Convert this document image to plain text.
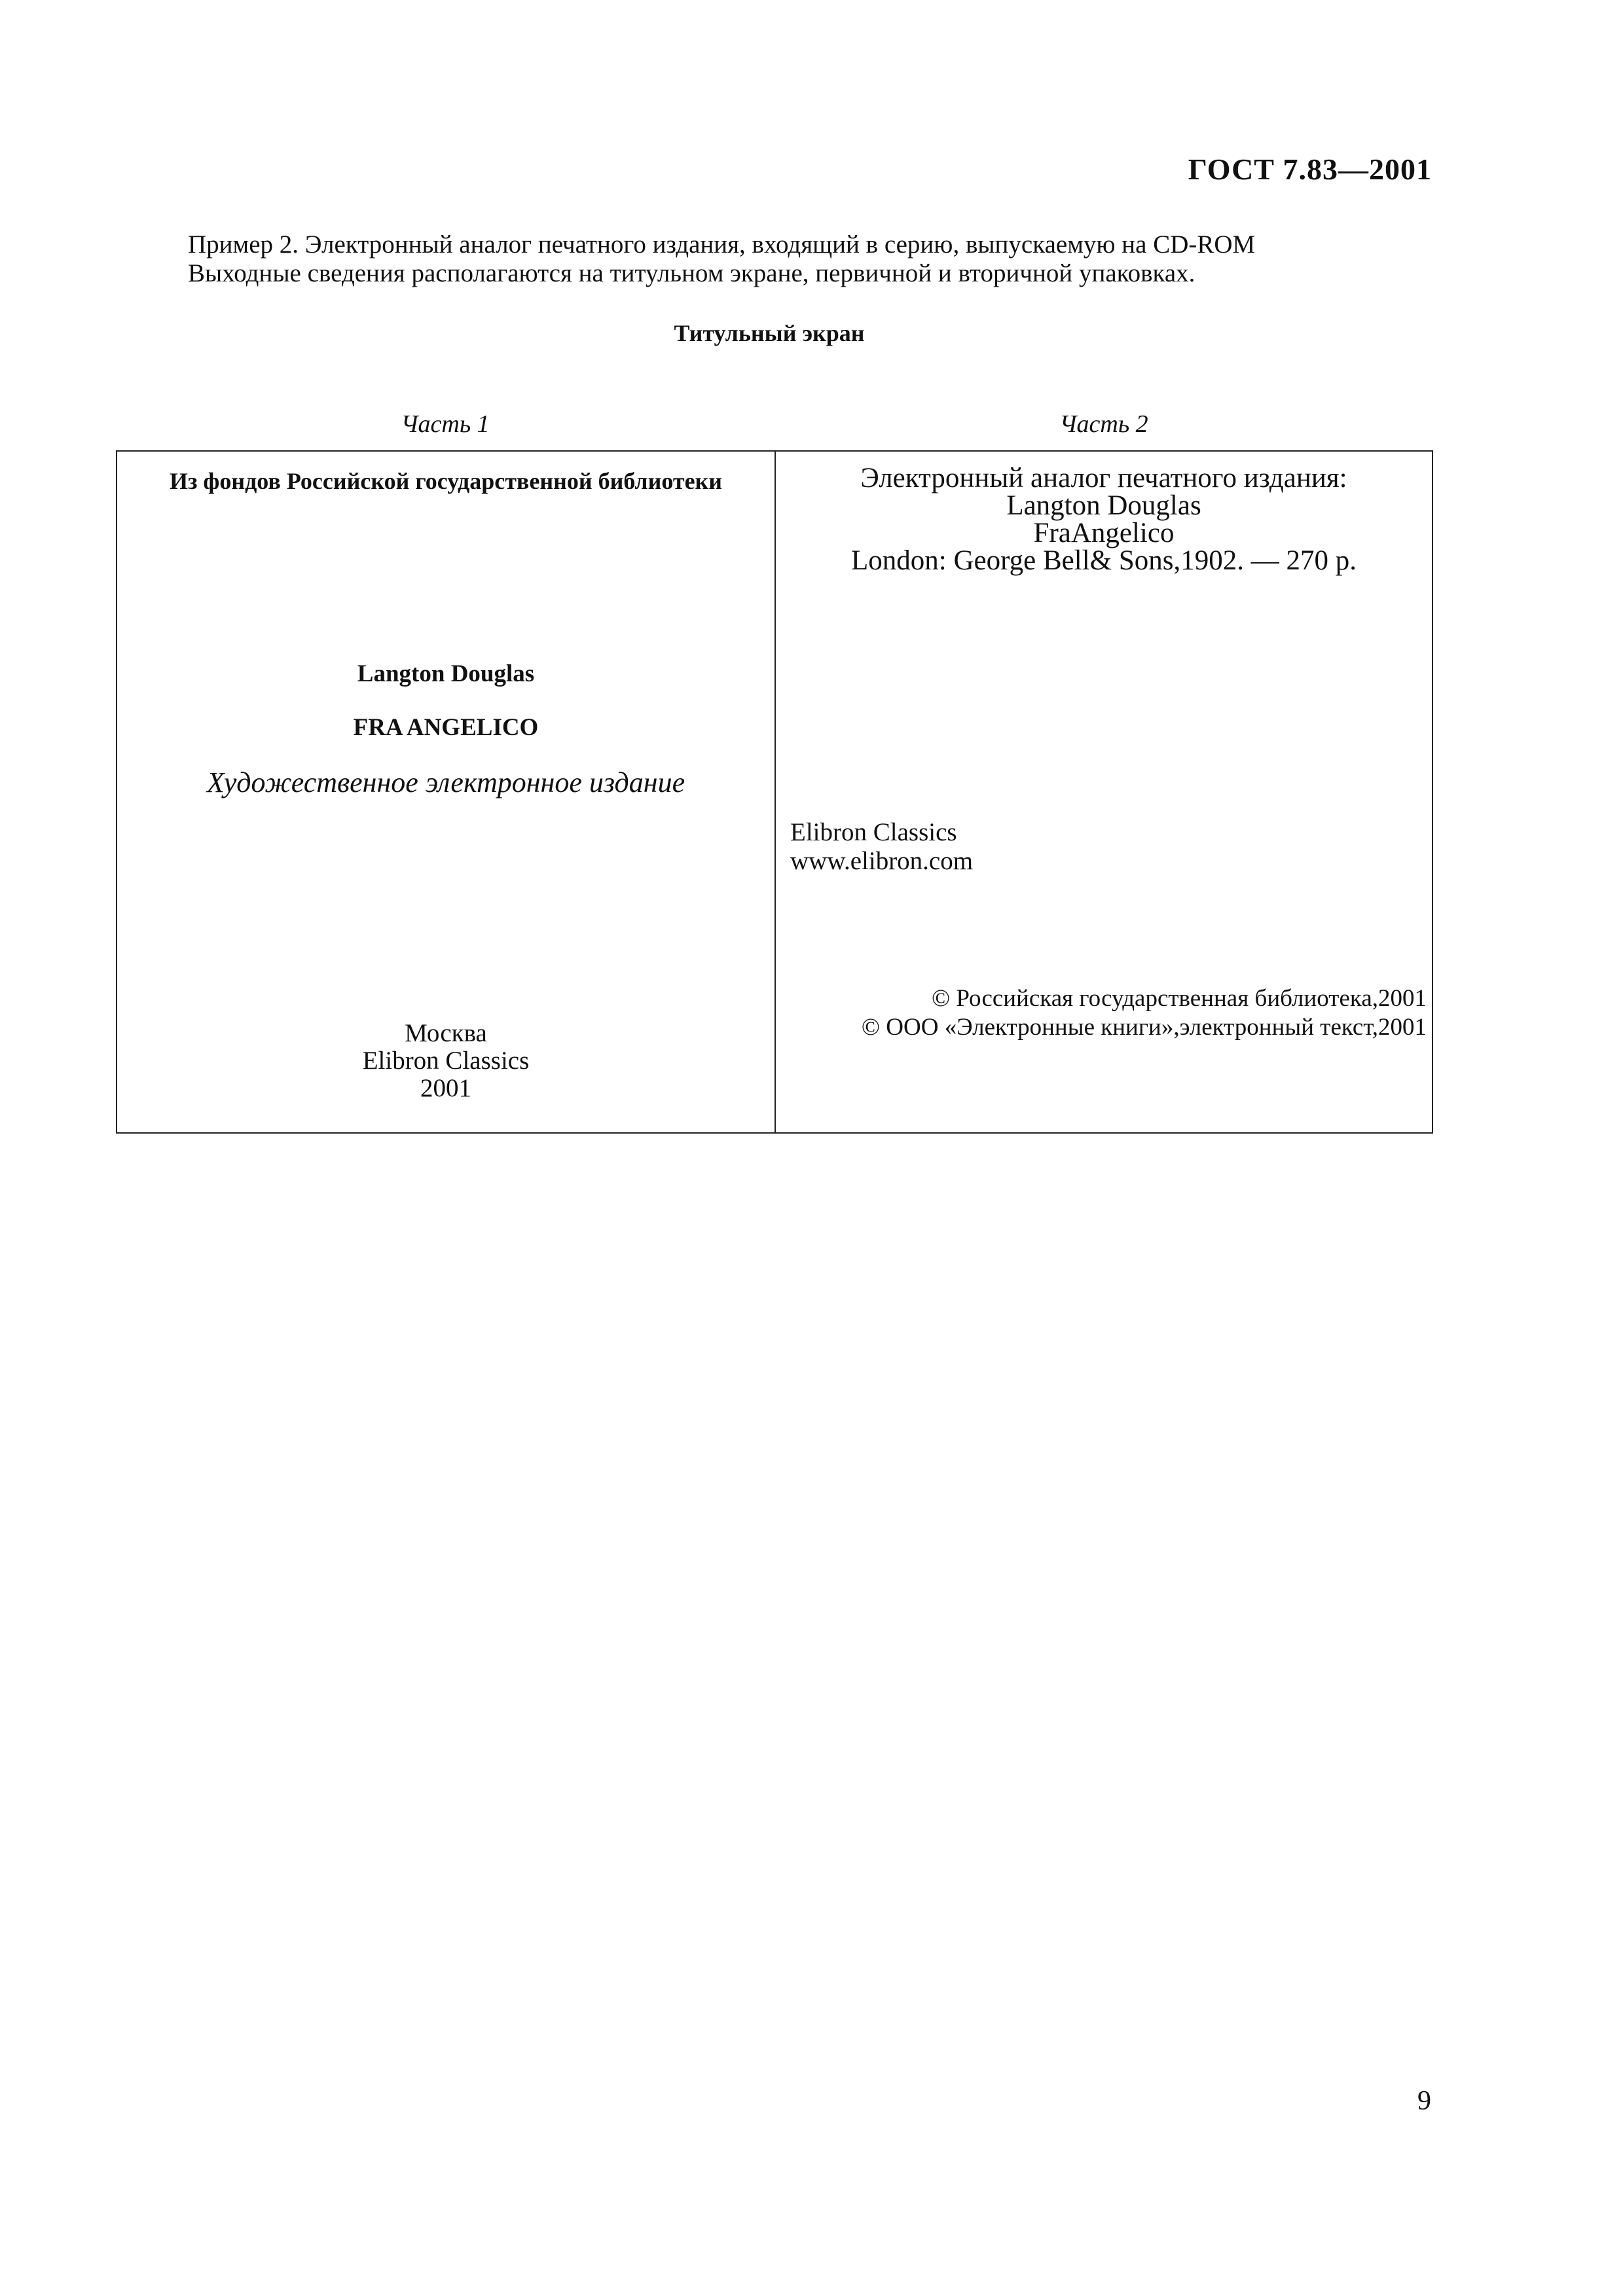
ГОСТ 7.83—2001
Пример 2. Электронный аналог печатного издания, входящий в серию, выпускаемую на CD-ROM
Выходные сведения располагаются на титульном экране, первичной и вторичной упаковках.
Титульный экран
Часть 1	Часть 2
Из фондов Российской государственной библиотеки
Langton Douglas
FRA ANGELICO
Художественное электронное издание
Москва
Elibron Classics
2001
Электронный аналог печатного издания:
Langton Douglas
FraAngelico
London: George Bell& Sons,1902. — 270 p.
Elibron Classics
www.elibron.com
© Российская государственная библиотека,2001
© ООО «Электронные книги»,электронный текст,2001
9
